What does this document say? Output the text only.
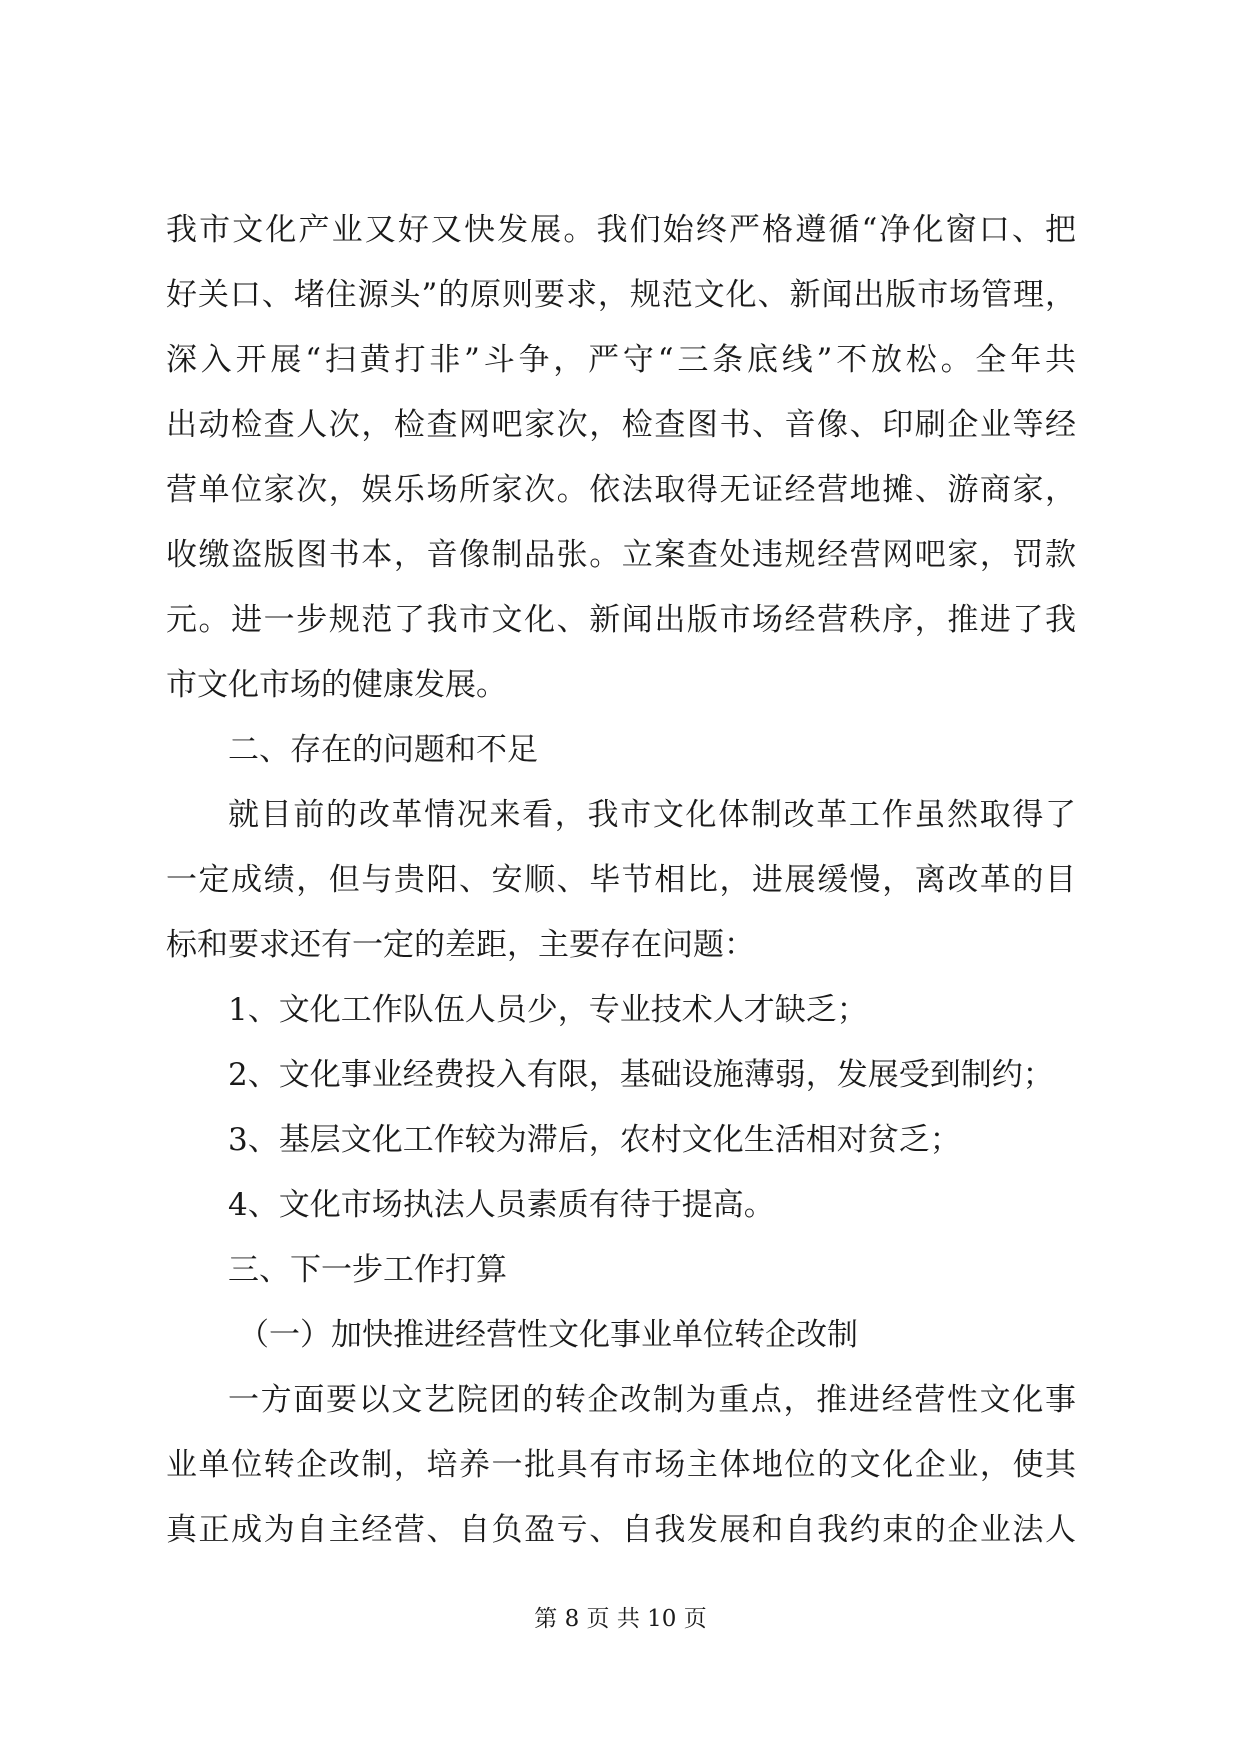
我市文化产业又好又快发展。我们始终严格遵循“净化窗口、把
好关口、堵住源头”的原则要求，规范文化、新闻出版市场管理，
深入开展“扫黄打非”斗争，严守“三条底线”不放松。全年共
出动检查人次，检查网吧家次，检查图书、音像、印刷企业等经
营单位家次，娱乐场所家次。依法取得无证经营地摊、游商家，
收缴盗版图书本，音像制品张。立案查处违规经营网吧家，罚款
元。进一步规范了我市文化、新闻出版市场经营秩序，推进了我
市文化市场的健康发展。
二、存在的问题和不足
就目前的改革情况来看，我市文化体制改革工作虽然取得了
一定成绩，但与贵阳、安顺、毕节相比，进展缓慢，离改革的目
标和要求还有一定的差距，主要存在问题：
1、文化工作队伍人员少，专业技术人才缺乏；
2、文化事业经费投入有限，基础设施薄弱，发展受到制约；
3、基层文化工作较为滞后，农村文化生活相对贫乏；
4、文化市场执法人员素质有待于提高。
三、下一步工作打算
（一）加快推进经营性文化事业单位转企改制
一方面要以文艺院团的转企改制为重点，推进经营性文化事
业单位转企改制，培养一批具有市场主体地位的文化企业，使其
真正成为自主经营、自负盈亏、自我发展和自我约束的企业法人
第 8 页 共 10 页
